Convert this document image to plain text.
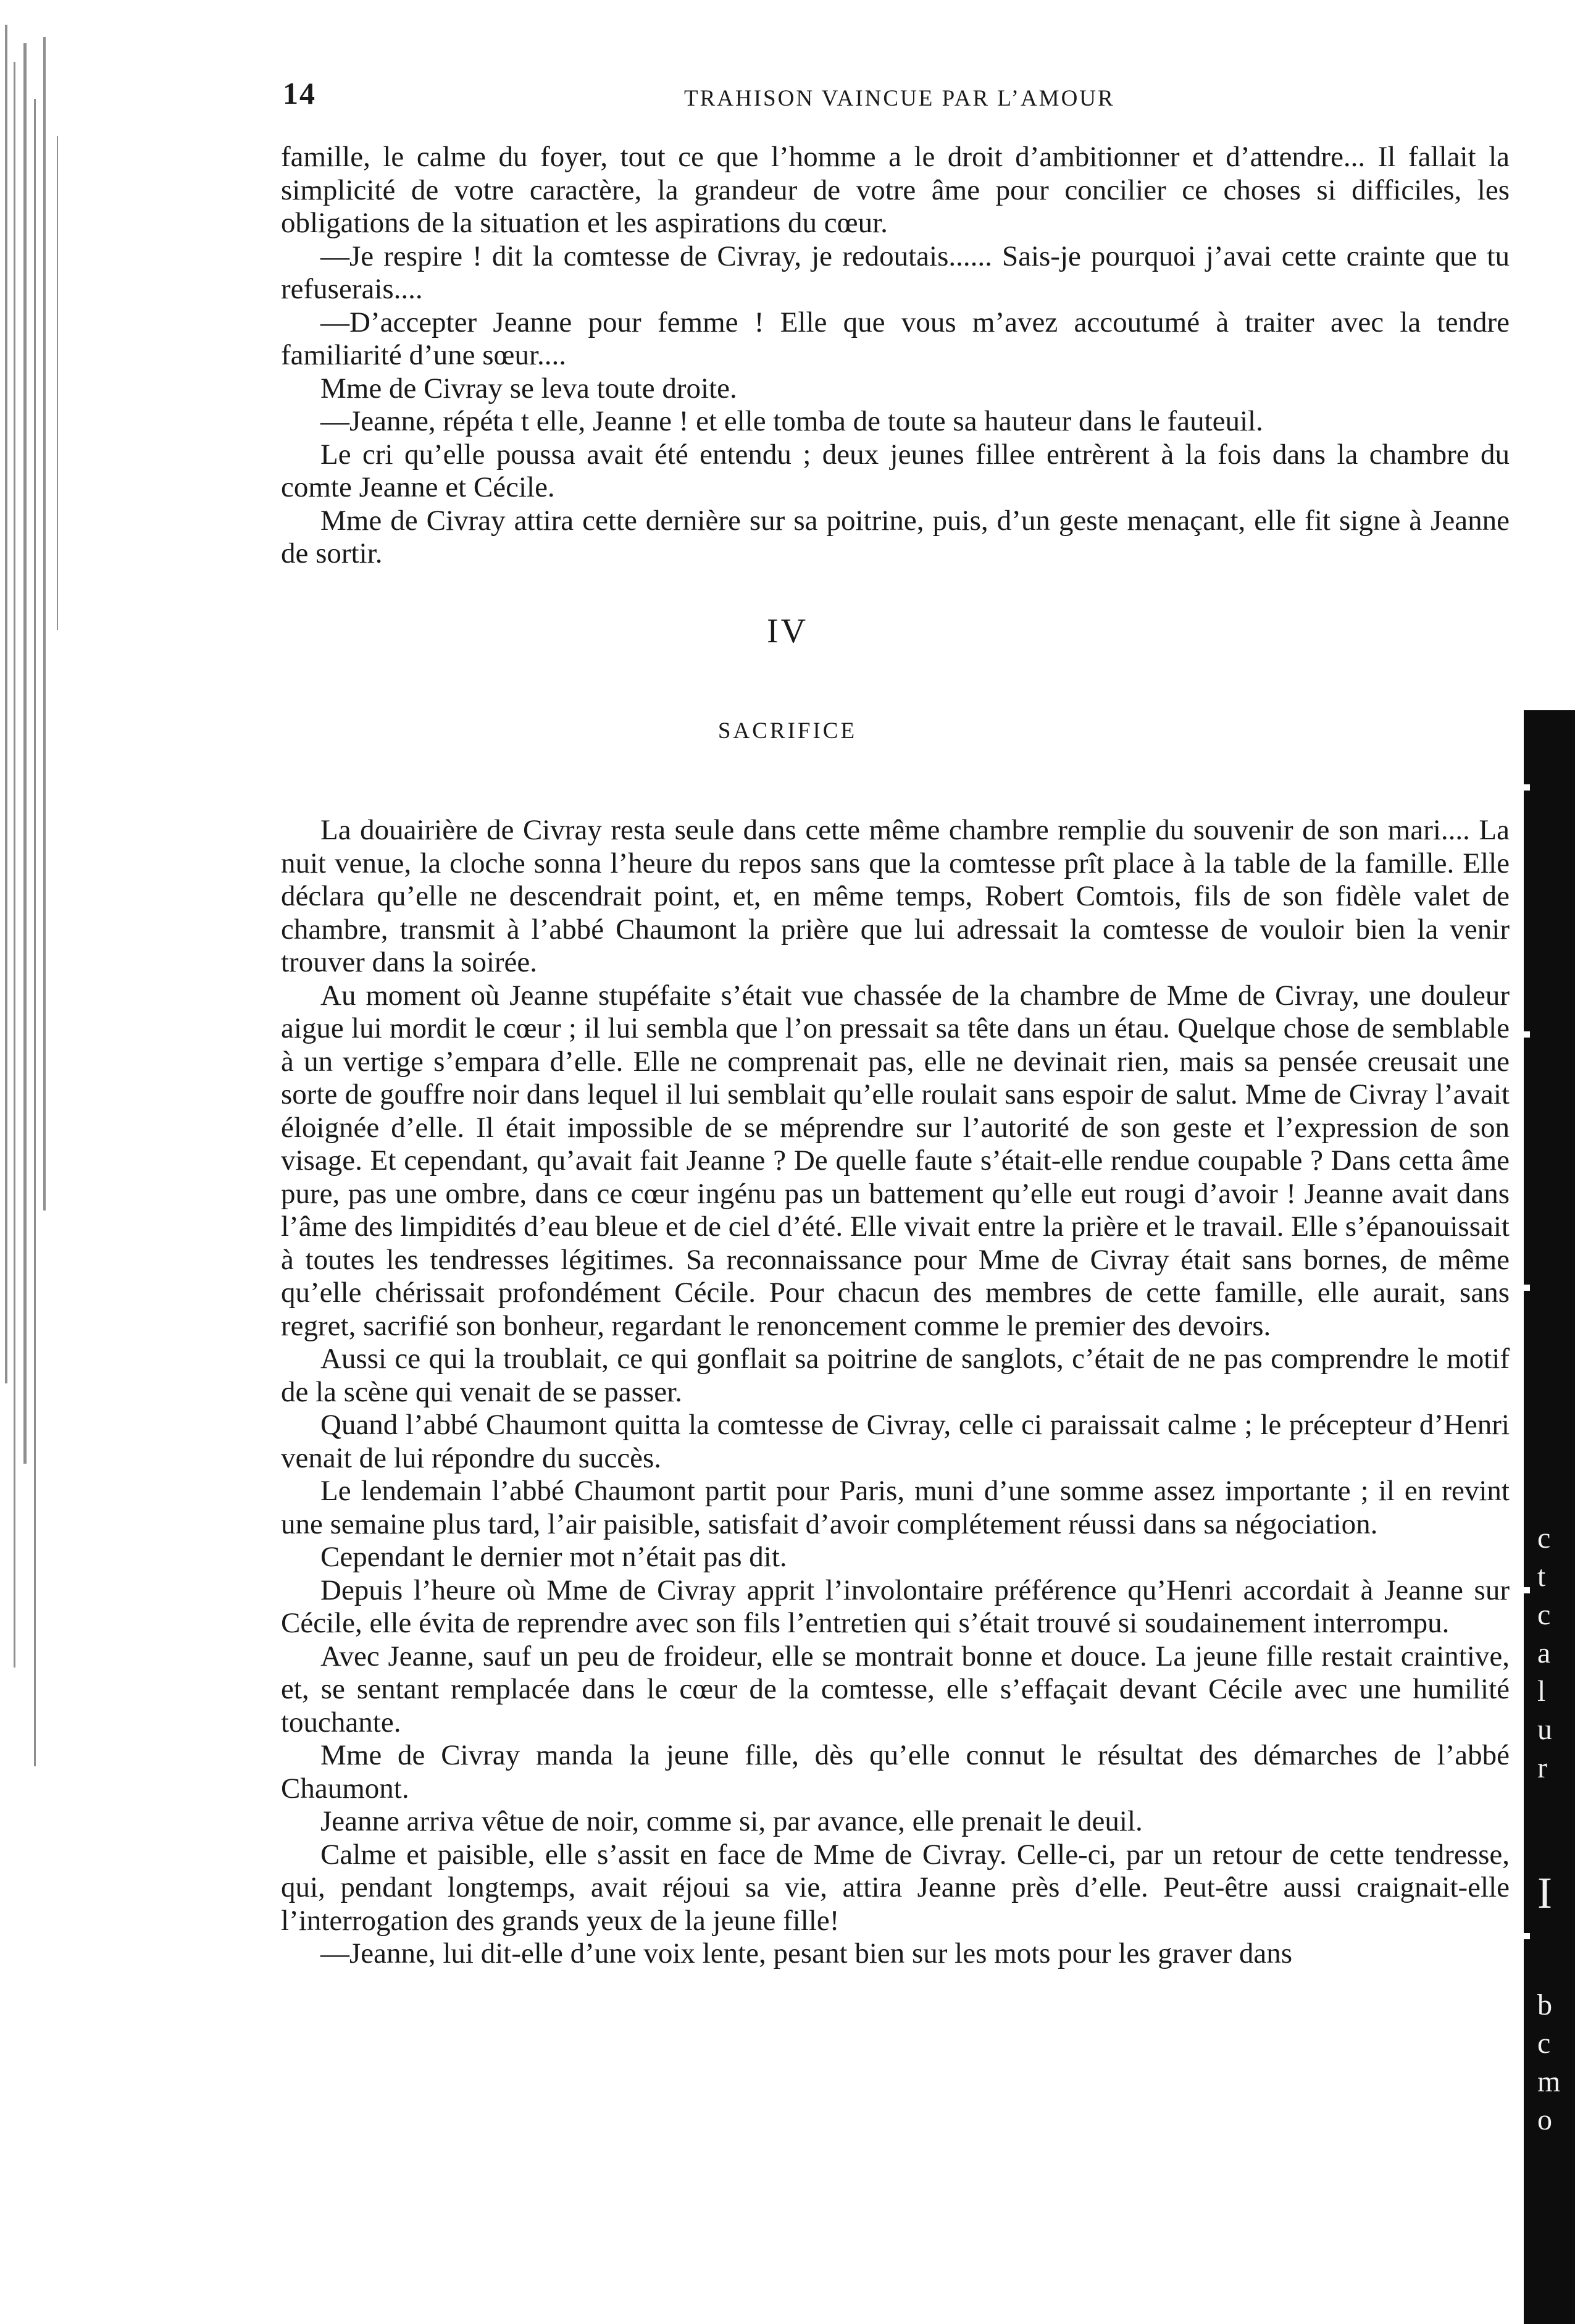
c
t
c
a
l
u
r
I
b
c
m
o
14	TRAHISON VAINCUE PAR L’AMOUR

famille, le calme du foyer, tout ce que l’homme a le droit d’ambitionner et d’attendre... Il fallait la simplicité de votre caractère, la grandeur de votre âme pour concilier ce choses si difficiles, les obligations de la situation et les aspirations du cœur.

—Je respire ! dit la comtesse de Civray, je redoutais...... Sais-je pourquoi j’avai cette crainte que tu refuserais....

—D’accepter Jeanne pour femme ! Elle que vous m’avez accoutumé à traiter avec la tendre familiarité d’une sœur....

Mme de Civray se leva toute droite.

—Jeanne, répéta t elle, Jeanne ! et elle tomba de toute sa hauteur dans le fauteuil.

Le cri qu’elle poussa avait été entendu ; deux jeunes fillee entrèrent à la fois dans la chambre du comte Jeanne et Cécile.

Mme de Civray attira cette dernière sur sa poitrine, puis, d’un geste menaçant, elle fit signe à Jeanne de sortir.

IV
SACRIFICE

La douairière de Civray resta seule dans cette même chambre remplie du souvenir de son mari.... La nuit venue, la cloche sonna l’heure du repos sans que la comtesse prît place à la table de la famille. Elle déclara qu’elle ne descendrait point, et, en même temps, Robert Comtois, fils de son fidèle valet de chambre, transmit à l’abbé Chaumont la prière que lui adressait la comtesse de vouloir bien la venir trouver dans la soirée.

Au moment où Jeanne stupéfaite s’était vue chassée de la chambre de Mme de Civray, une douleur aigue lui mordit le cœur ; il lui sembla que l’on pressait sa tête dans un étau. Quelque chose de semblable à un vertige s’empara d’elle. Elle ne comprenait pas, elle ne devinait rien, mais sa pensée creusait une sorte de gouffre noir dans lequel il lui semblait qu’elle roulait sans espoir de salut. Mme de Civray l’avait éloignée d’elle. Il était impossible de se méprendre sur l’autorité de son geste et l’expression de son visage. Et cependant, qu’avait fait Jeanne ? De quelle faute s’était-elle rendue coupable ? Dans cetta âme pure, pas une ombre, dans ce cœur ingénu pas un battement qu’elle eut rougi d’avoir ! Jeanne avait dans l’âme des limpidités d’eau bleue et de ciel d’été. Elle vivait entre la prière et le travail. Elle s’épanouissait à toutes les tendresses légitimes. Sa reconnaissance pour Mme de Civray était sans bornes, de même qu’elle chérissait profondément Cécile. Pour chacun des membres de cette famille, elle aurait, sans regret, sacrifié son bonheur, regardant le renoncement comme le premier des devoirs.

Aussi ce qui la troublait, ce qui gonflait sa poitrine de sanglots, c’était de ne pas comprendre le motif de la scène qui venait de se passer.

Quand l’abbé Chaumont quitta la comtesse de Civray, celle ci paraissait calme ; le précepteur d’Henri venait de lui répondre du succès.

Le lendemain l’abbé Chaumont partit pour Paris, muni d’une somme assez importante ; il en revint une semaine plus tard, l’air paisible, satisfait d’avoir complétement réussi dans sa négociation.

Cependant le dernier mot n’était pas dit.

Depuis l’heure où Mme de Civray apprit l’involontaire préférence qu’Henri accordait à Jeanne sur Cécile, elle évita de reprendre avec son fils l’entretien qui s’était trouvé si soudainement interrompu.

Avec Jeanne, sauf un peu de froideur, elle se montrait bonne et douce. La jeune fille restait craintive, et, se sentant remplacée dans le cœur de la comtesse, elle s’effaçait devant Cécile avec une humilité touchante.

Mme de Civray manda la jeune fille, dès qu’elle connut le résultat des démarches de l’abbé Chaumont.

Jeanne arriva vêtue de noir, comme si, par avance, elle prenait le deuil.

Calme et paisible, elle s’assit en face de Mme de Civray. Celle-ci, par un retour de cette tendresse, qui, pendant longtemps, avait réjoui sa vie, attira Jeanne près d’elle. Peut-être aussi craignait-elle l’interrogation des grands yeux de la jeune fille!

—Jeanne, lui dit-elle d’une voix lente, pesant bien sur les mots pour les graver dans
